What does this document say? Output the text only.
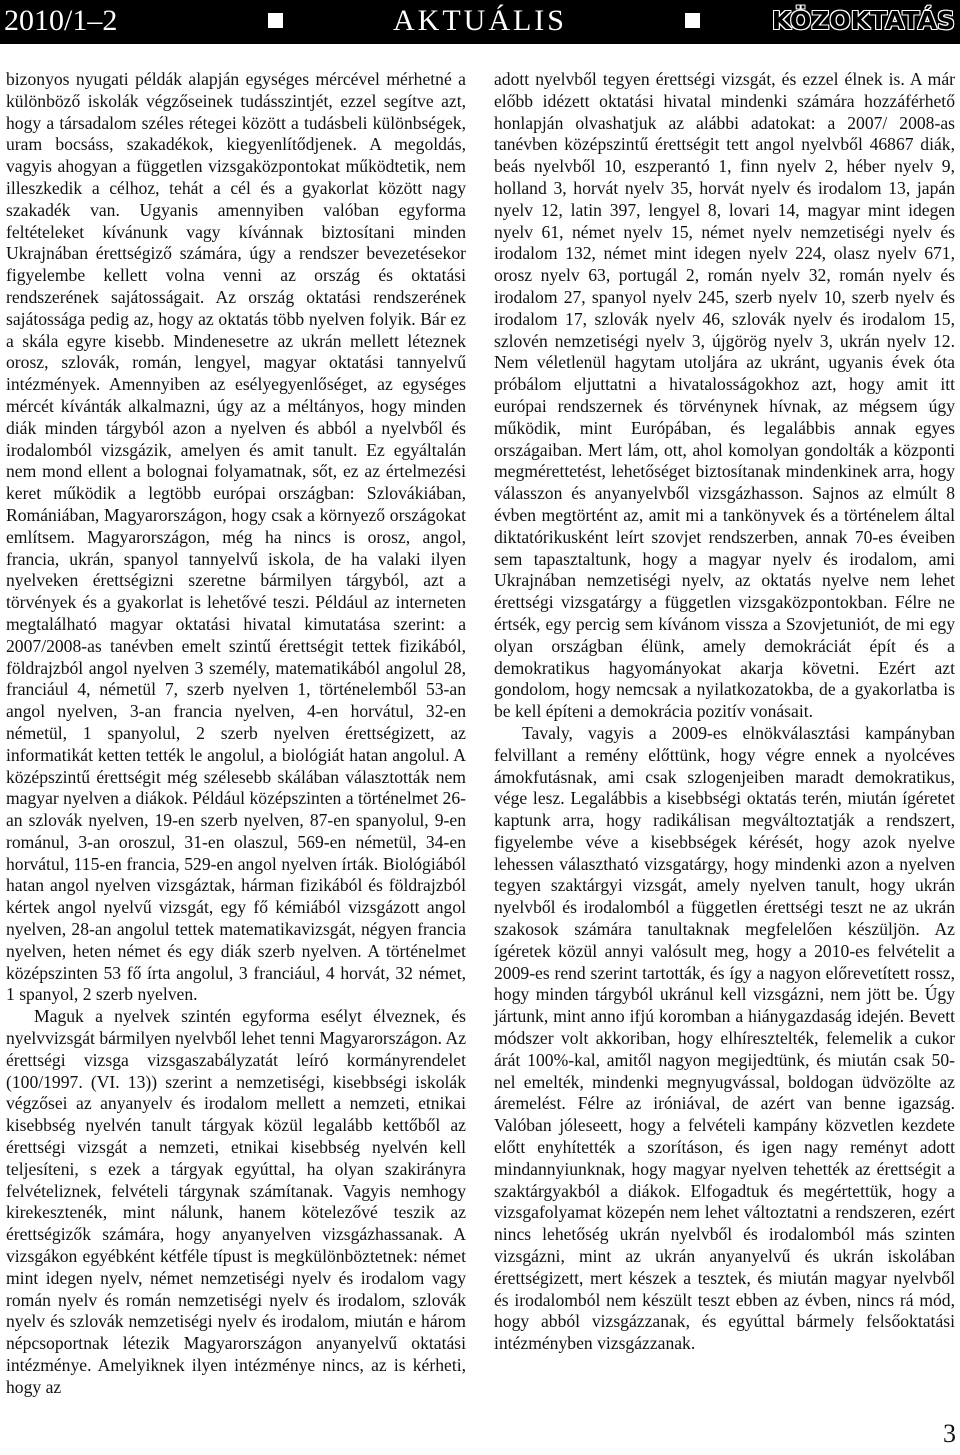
2010/1–2	AKTUÁLIS	KÖZOKTATÁS

bizonyos nyugati példák alapján egységes mércével mérhetné a különböző iskolák végzőseinek tudásszintjét, ezzel segítve azt, hogy a társadalom széles rétegei között a tudásbeli különbségek, uram bocsáss, szakadékok, kiegyenlítődjenek. A megoldás, vagyis ahogyan a független vizsgaközpontokat működtetik, nem illeszkedik a célhoz, tehát a cél és a gyakorlat között nagy szakadék van. Ugyanis amennyiben valóban egyforma feltételeket kívánunk vagy kívánnak biztosítani minden Ukrajnában érettségiző számára, úgy a rendszer bevezetésekor figyelembe kellett volna venni az ország és oktatási rendszerének sajátosságait. Az ország oktatási rendszerének sajátossága pedig az, hogy az oktatás több nyelven folyik. Bár ez a skála egyre kisebb. Mindenesetre az ukrán mellett léteznek orosz, szlovák, román, lengyel, magyar oktatási tannyelvű intézmények. Amennyiben az esélyegyenlőséget, az egységes mércét kívánták alkalmazni, úgy az a méltányos, hogy minden diák minden tárgyból azon a nyelven és abból a nyelvből és irodalomból vizsgázik, amelyen és amit tanult. Ez egyáltalán nem mond ellent a bolognai folyamatnak, sőt, ez az értelmezési keret működik a legtöbb európai országban: Szlovákiában, Romániában, Magyarországon, hogy csak a környező országokat említsem. Magyarországon, még ha nincs is orosz, angol, francia, ukrán, spanyol tannyelvű iskola, de ha valaki ilyen nyelveken érettségizni szeretne bármilyen tárgyból, azt a törvények és a gyakorlat is lehetővé teszi. Például az interneten megtalálható magyar oktatási hivatal kimutatása szerint: a 2007/2008-as tanévben emelt szintű érettségit tettek fizikából, földrajzból angol nyelven 3 személy, matematikából angolul 28, franciául 4, németül 7, szerb nyelven 1, történelemből 53-an angol nyelven, 3-an francia nyelven, 4-en horvátul, 32-en németül, 1 spanyolul, 2 szerb nyelven érettségizett, az informatikát ketten tették le angolul, a biológiát hatan angolul. A középszintű érettségit még szélesebb skálában választották nem magyar nyelven a diákok. Például középszinten a történelmet 26-an szlovák nyelven, 19-en szerb nyelven, 87-en spanyolul, 9-en románul, 3-an oroszul, 31-en olaszul, 569-en németül, 34-en horvátul, 115-en francia, 529-en angol nyelven írták. Biológiából hatan angol nyelven vizsgáztak, hárman fizikából és földrajzból kértek angol nyelvű vizsgát, egy fő kémiából vizsgázott angol nyelven, 28-an angolul tettek matematikavizsgát, négyen francia nyelven, heten német és egy diák szerb nyelven. A történelmet középszinten 53 fő írta angolul, 3 franciául, 4 horvát, 32 német, 1 spanyol, 2 szerb nyelven.

Maguk a nyelvek szintén egyforma esélyt élveznek, és nyelvvizsgát bármilyen nyelvből lehet tenni Magyarországon. Az érettségi vizsga vizsgaszabályzatát leíró kormányrendelet (100/1997. (VI. 13)) szerint a nemzetiségi, kisebbségi iskolák végzősei az anyanyelv és irodalom mellett a nemzeti, etnikai kisebbség nyelvén tanult tárgyak közül legalább kettőből az érettségi vizsgát a nemzeti, etnikai kisebbség nyelvén kell teljesíteni, s ezek a tárgyak egyúttal, ha olyan szakirányra felvételiznek, felvételi tárgynak számítanak. Vagyis nemhogy kirekesztenék, mint nálunk, hanem kötelezővé teszik az érettségizők számára, hogy anyanyelven vizsgázhassanak. A vizsgákon egyébként kétféle típust is megkülönböztetnek: német mint idegen nyelv, német nemzetiségi nyelv és irodalom vagy román nyelv és román nemzetiségi nyelv és irodalom, szlovák nyelv és szlovák nemzetiségi nyelv és irodalom, miután e három népcsoportnak létezik Magyarországon anyanyelvű oktatási intézménye. Amelyiknek ilyen intézménye nincs, az is kérheti, hogy az

adott nyelvből tegyen érettségi vizsgát, és ezzel élnek is. A már előbb idézett oktatási hivatal mindenki számára hozzáférhető honlapján olvashatjuk az alábbi adatokat: a 2007/ 2008-as tanévben középszintű érettségit tett angol nyelvből 46867 diák, beás nyelvből 10, eszperantó 1, finn nyelv 2, héber nyelv 9, holland 3, horvát nyelv 35, horvát nyelv és irodalom 13, japán nyelv 12, latin 397, lengyel 8, lovari 14, magyar mint idegen nyelv 61, német nyelv 15, német nyelv nemzetiségi nyelv és irodalom 132, német mint idegen nyelv 224, olasz nyelv 671, orosz nyelv 63, portugál 2, román nyelv 32, román nyelv és irodalom 27, spanyol nyelv 245, szerb nyelv 10, szerb nyelv és irodalom 17, szlovák nyelv 46, szlovák nyelv és irodalom 15, szlovén nemzetiségi nyelv 3, újgörög nyelv 3, ukrán nyelv 12. Nem véletlenül hagytam utoljára az ukránt, ugyanis évek óta próbálom eljuttatni a hivatalosságokhoz azt, hogy amit itt európai rendszernek és törvénynek hívnak, az mégsem úgy működik, mint Európában, és legalábbis annak egyes országaiban. Mert lám, ott, ahol komolyan gondolták a központi megmérettetést, lehetőséget biztosítanak mindenkinek arra, hogy válasszon és anyanyelvből vizsgázhasson. Sajnos az elmúlt 8 évben megtörtént az, amit mi a tankönyvek és a történelem által diktatórikusként leírt szovjet rendszerben, annak 70-es éveiben sem tapasztaltunk, hogy a magyar nyelv és irodalom, ami Ukrajnában nemzetiségi nyelv, az oktatás nyelve nem lehet érettségi vizsgatárgy a független vizsgaközpontokban. Félre ne értsék, egy percig sem kívánom vissza a Szovjetuniót, de mi egy olyan országban élünk, amely demokráciát épít és a demokratikus hagyományokat akarja követni. Ezért azt gondolom, hogy nemcsak a nyilatkozatokba, de a gyakorlatba is be kell építeni a demokrácia pozitív vonásait.

Tavaly, vagyis a 2009-es elnökválasztási kampányban felvillant a remény előttünk, hogy végre ennek a nyolcéves ámokfutásnak, ami csak szlogenjeiben maradt demokratikus, vége lesz. Legalábbis a kisebbségi oktatás terén, miután ígéretet kaptunk arra, hogy radikálisan megváltoztatják a rendszert, figyelembe véve a kisebbségek kérését, hogy azok nyelve lehessen választható vizsgatárgy, hogy mindenki azon a nyelven tegyen szaktárgyi vizsgát, amely nyelven tanult, hogy ukrán nyelvből és irodalomból a független érettségi teszt ne az ukrán szakosok számára tanultaknak megfelelően készüljön. Az ígéretek közül annyi valósult meg, hogy a 2010-es felvételit a 2009-es rend szerint tartották, és így a nagyon előrevetített rossz, hogy minden tárgyból ukránul kell vizsgázni, nem jött be. Úgy jártunk, mint anno ifjú koromban a hiánygazdaság idején. Bevett módszer volt akkoriban, hogy elhíresztelték, felemelik a cukor árát 100%-kal, amitől nagyon megijedtünk, és miután csak 50-nel emelték, mindenki megnyugvással, boldogan üdvözölte az áremelést. Félre az iróniával, de azért van benne igazság. Valóban jóleseett, hogy a felvételi kampány közvetlen kezdete előtt enyhítették a szorításon, és igen nagy reményt adott mindannyiunknak, hogy magyar nyelven tehették az érettségit a szaktárgyakból a diákok. Elfogadtuk és megértettük, hogy a vizsgafolyamat közepén nem lehet változtatni a rendszeren, ezért nincs lehetőség ukrán nyelvből és irodalomból más szinten vizsgázni, mint az ukrán anyanyelvű és ukrán iskolában érettségizett, mert készek a tesztek, és miután magyar nyelvből és irodalomból nem készült teszt ebben az évben, nincs rá mód, hogy abból vizsgázzanak, és egyúttal bármely felsőoktatási intézményben vizsgázzanak.

3
